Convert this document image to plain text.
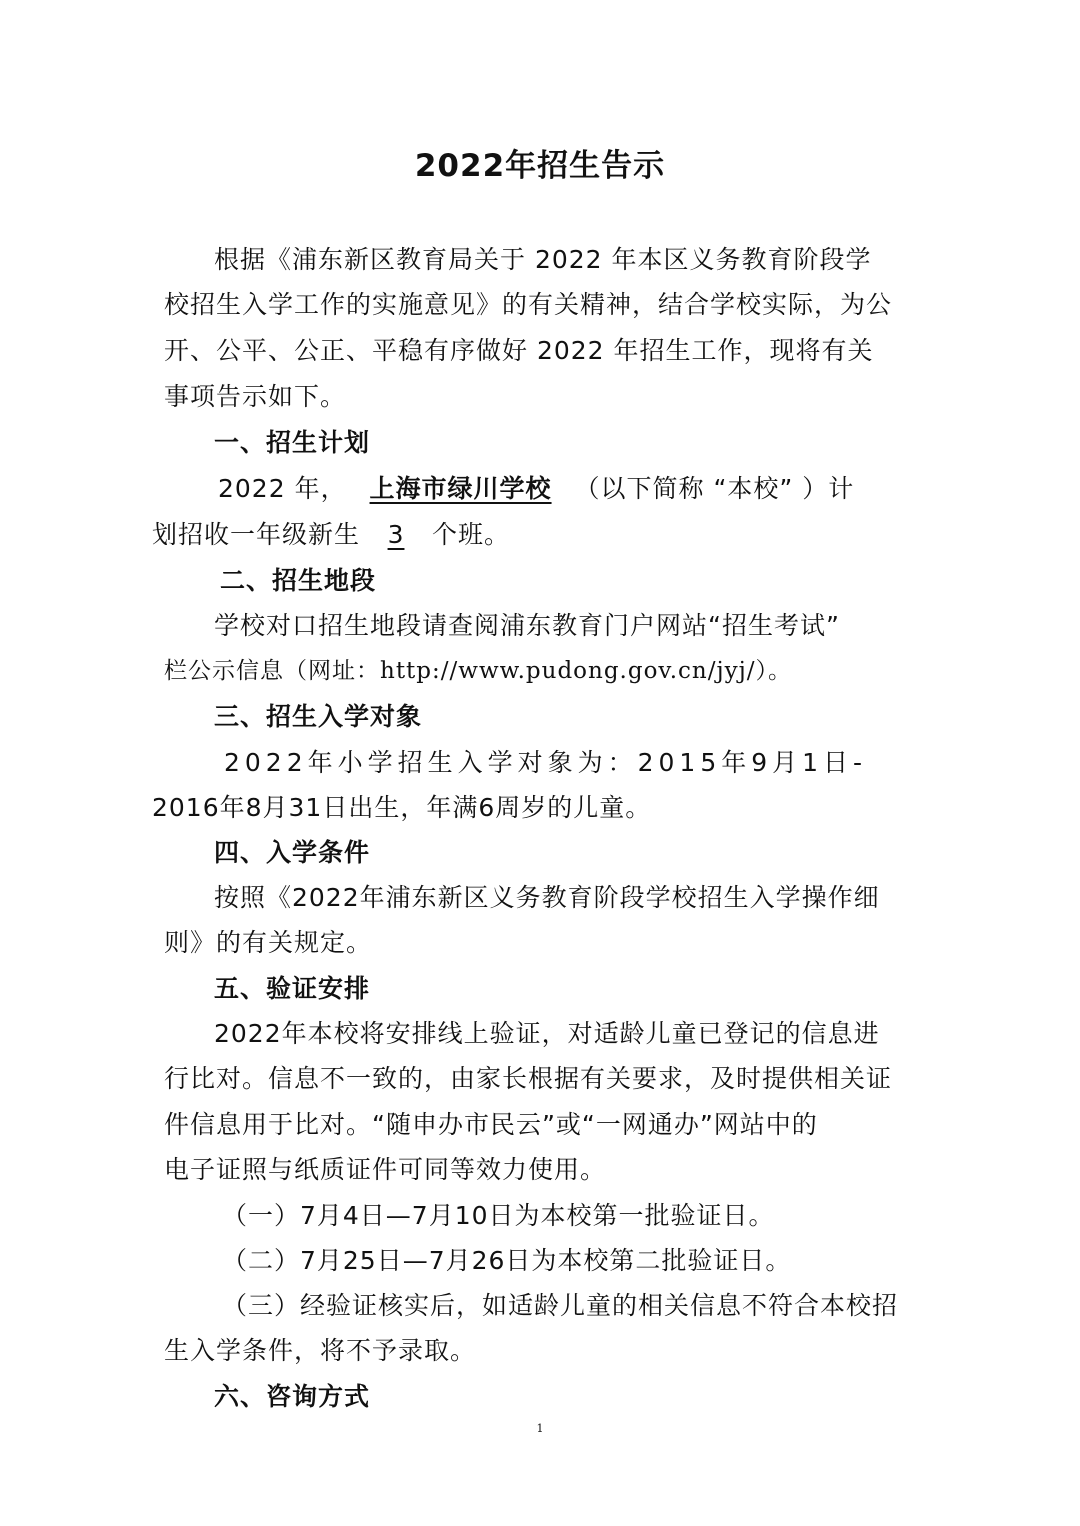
2022年招生告示
根据《浦东新区教育局关于 2022 年本区义务教育阶段学
校招生入学工作的实施意见》的有关精神，结合学校实际，为公
开、公平、公正、平稳有序做好 2022 年招生工作，现将有关
事项告示如下。
一、招生计划
2022 年， 上海市绿川学校 （以下简称 “本校” ）计
划招收一年级新生 3 个班。
二、招生地段
学校对口招生地段请查阅浦东教育门户网站“招生考试”
栏公示信息（网址：http://www.pudong.gov.cn/jyj/）。
三、招生入学对象
2022年小学招生入学对象为：2015年9月1日-
2016年8月31日出生，年满6周岁的儿童。
四、入学条件
按照《2022年浦东新区义务教育阶段学校招生入学操作细
则》的有关规定。
五、验证安排
2022年本校将安排线上验证，对适龄儿童已登记的信息进
行比对。信息不一致的，由家长根据有关要求，及时提供相关证
件信息用于比对。“随申办市民云”或“一网通办”网站中的
电子证照与纸质证件可同等效力使用。
（一）7月4日—7月10日为本校第一批验证日。
（二）7月25日—7月26日为本校第二批验证日。
（三）经验证核实后，如适龄儿童的相关信息不符合本校招
生入学条件，将不予录取。
六、咨询方式
1
